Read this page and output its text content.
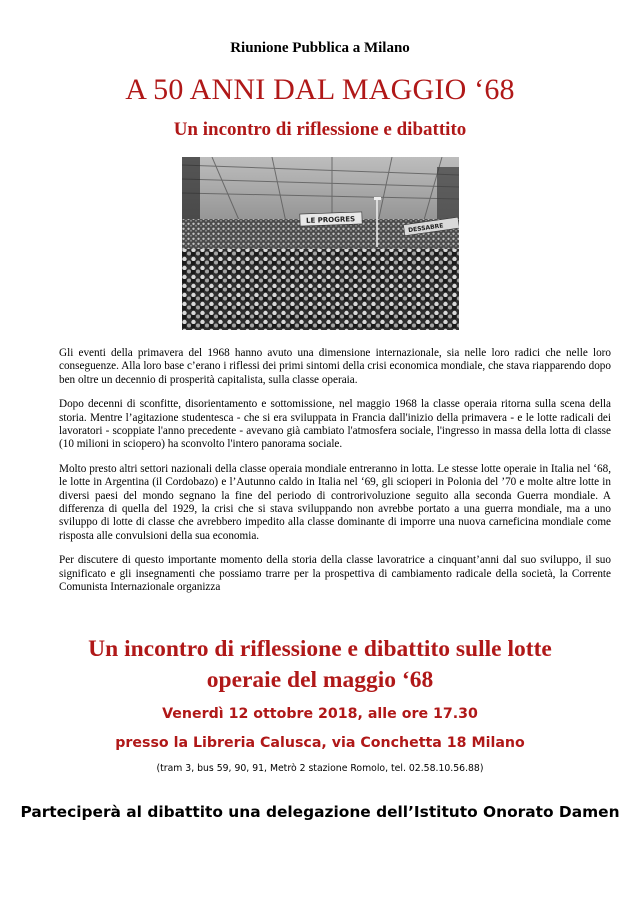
Riunione Pubblica a Milano
A 50 ANNI DAL MAGGIO ‘68
Un incontro di riflessione e dibattito
LE PROGRES
DESSABRE

Gli eventi della primavera del 1968 hanno avuto una dimensione internazionale, sia nelle loro radici che nelle loro conseguenze. Alla loro base c’erano i riflessi dei primi sintomi della crisi economica mondiale, che stava riapparendo dopo ben oltre un decennio di prosperità capitalista, sulla classe operaia.

Dopo decenni di sconfitte, disorientamento e sottomissione, nel maggio 1968 la classe operaia ritorna sulla scena della storia. Mentre l’agitazione studentesca - che si era sviluppata in Francia dall'inizio della primavera - e le lotte radicali dei lavoratori - scoppiate l'anno precedente - avevano già cambiato l'atmosfera sociale, l'ingresso in massa della lotta di classe (10 milioni in sciopero) ha sconvolto l'intero panorama sociale.

Molto presto altri settori nazionali della classe operaia mondiale entreranno in lotta. Le stesse lotte operaie in Italia nel ‘68, le lotte in Argentina (il Cordobazo) e l’Autunno caldo in Italia nel ‘69, gli scioperi in Polonia del ’70 e molte altre lotte in diversi paesi del mondo segnano la fine del periodo di controrivoluzione seguito alla seconda Guerra mondiale. A differenza di quella del 1929, la crisi che si stava sviluppando non avrebbe portato a una guerra mondiale, ma a uno sviluppo di lotte di classe che avrebbero impedito alla classe dominante di imporre una nuova carneficina mondiale come risposta alle convulsioni della sua economia.

Per discutere di questo importante momento della storia della classe lavoratrice a cinquant’anni dal suo sviluppo, il suo significato e gli insegnamenti che possiamo trarre per la prospettiva di cambiamento radicale della società, la Corrente Comunista Internazionale organizza

Un incontro di riflessione e dibattito sulle lotte
operaie del maggio ‘68
Venerdì 12 ottobre 2018, alle ore 17.30
presso la Libreria Calusca, via Conchetta 18 Milano
(tram 3, bus 59, 90, 91, Metrò 2 stazione Romolo, tel. 02.58.10.56.88)
Parteciperà al dibattito una delegazione dell’Istituto Onorato Damen
